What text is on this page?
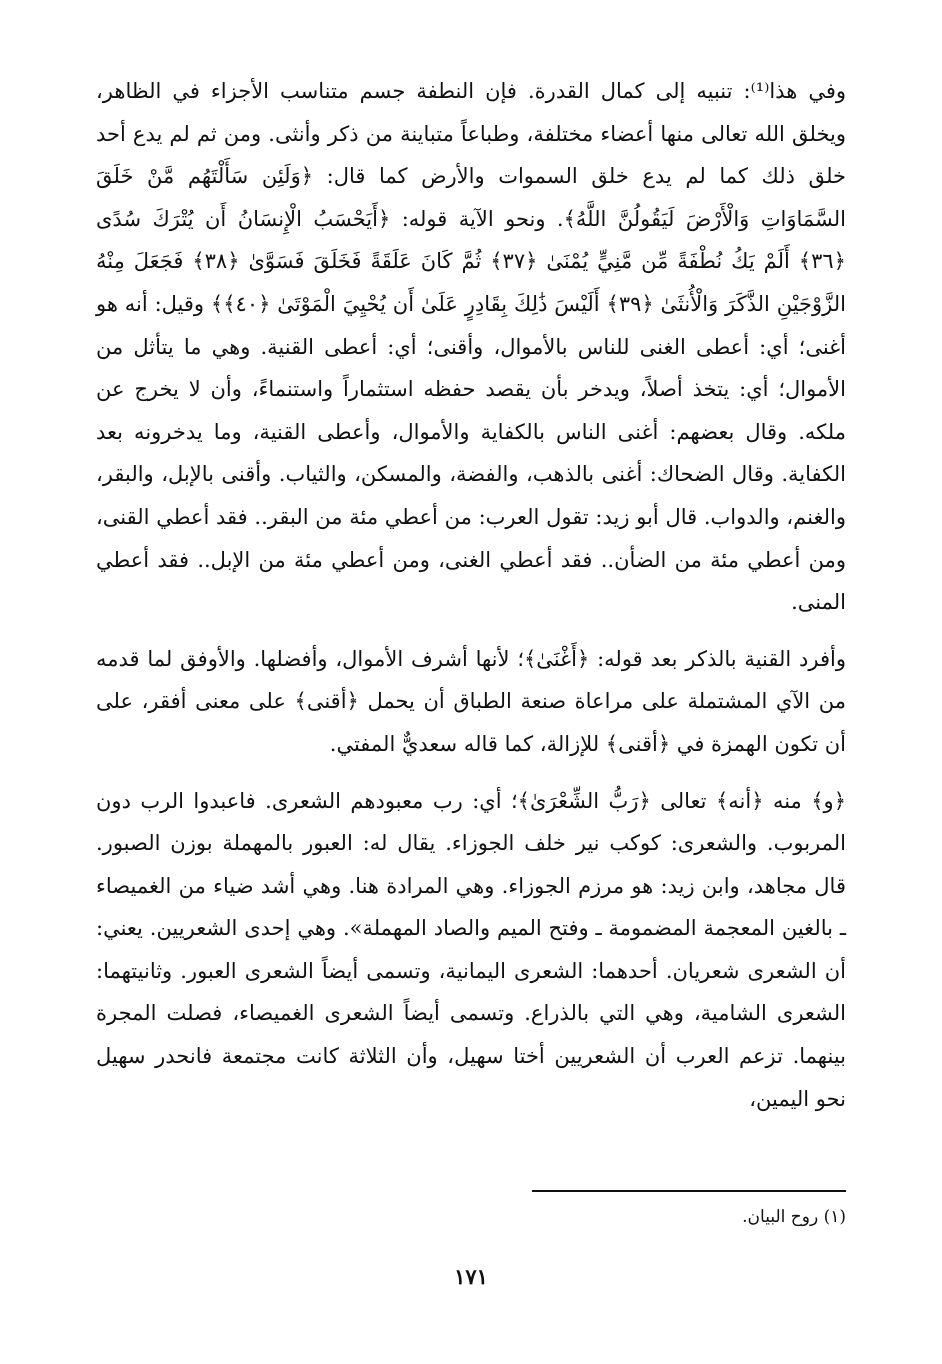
وفي هذا⁽¹⁾: تنبيه إلى كمال القدرة. فإن النطفة جسم متناسب الأجزاء في الظاهر، ويخلق الله تعالى منها أعضاء مختلفة، وطباعاً متباينة من ذكر وأنثى. ومن ثم لم يدع أحد خلق ذلك كما لم يدع خلق السموات والأرض كما قال: ﴿وَلَئِن سَأَلْتَهُم مَّنْ خَلَقَ السَّمَاوَاتِ وَالْأَرْضَ لَيَقُولُنَّ اللَّهُ﴾. ونحو الآية قوله: ﴿أَيَحْسَبُ الْإِنسَانُ أَن يُتْرَكَ سُدًى ﴿٣٦﴾ أَلَمْ يَكُ نُطْفَةً مِّن مَّنِيٍّ يُمْنَىٰ ﴿٣٧﴾ ثُمَّ كَانَ عَلَقَةً فَخَلَقَ فَسَوَّىٰ ﴿٣٨﴾ فَجَعَلَ مِنْهُ الزَّوْجَيْنِ الذَّكَرَ وَالْأُنثَىٰ ﴿٣٩﴾ أَلَيْسَ ذَٰلِكَ بِقَادِرٍ عَلَىٰ أَن يُحْيِيَ الْمَوْتَىٰ ﴿٤٠﴾﴾ وقيل: أنه هو أغنى؛ أي: أعطى الغنى للناس بالأموال، وأقنى؛ أي: أعطى القنية. وهي ما يتأثل من الأموال؛ أي: يتخذ أصلاً، ويدخر بأن يقصد حفظه استثماراً واستنماءً، وأن لا يخرج عن ملكه. وقال بعضهم: أغنى الناس بالكفاية والأموال، وأعطى القنية، وما يدخرونه بعد الكفاية. وقال الضحاك: أغنى بالذهب، والفضة، والمسكن، والثياب. وأقنى بالإبل، والبقر، والغنم، والدواب. قال أبو زيد: تقول العرب: من أعطي مئة من البقر.. فقد أعطي القنى، ومن أعطي مئة من الضأن.. فقد أعطي الغنى، ومن أعطي مئة من الإبل.. فقد أعطي المنى.

وأفرد القنية بالذكر بعد قوله: ﴿أَغْنَىٰ﴾؛ لأنها أشرف الأموال، وأفضلها. والأوفق لما قدمه من الآي المشتملة على مراعاة صنعة الطباق أن يحمل ﴿أقنى﴾ على معنى أفقر، على أن تكون الهمزة في ﴿أقنى﴾ للإزالة، كما قاله سعديٌّ المفتي.

﴿و﴾ منه ﴿أنه﴾ تعالى ﴿رَبُّ الشِّعْرَىٰ﴾؛ أي: رب معبودهم الشعرى. فاعبدوا الرب دون المربوب. والشعرى: كوكب نير خلف الجوزاء. يقال له: العبور بالمهملة بوزن الصبور. قال مجاهد، وابن زيد: هو مرزم الجوزاء. وهي المرادة هنا. وهي أشد ضياء من الغميصاء ـ بالغين المعجمة المضمومة ـ وفتح الميم والصاد المهملة». وهي إحدى الشعريين. يعني: أن الشعرى شعريان. أحدهما: الشعرى اليمانية، وتسمى أيضاً الشعرى العبور. وثانيتهما: الشعرى الشامية، وهي التي بالذراع. وتسمى أيضاً الشعرى الغميصاء، فصلت المجرة بينهما. تزعم العرب أن الشعريين أختا سهيل، وأن الثلاثة كانت مجتمعة فانحدر سهيل نحو اليمين،

(١) روح البيان.
١٧١
